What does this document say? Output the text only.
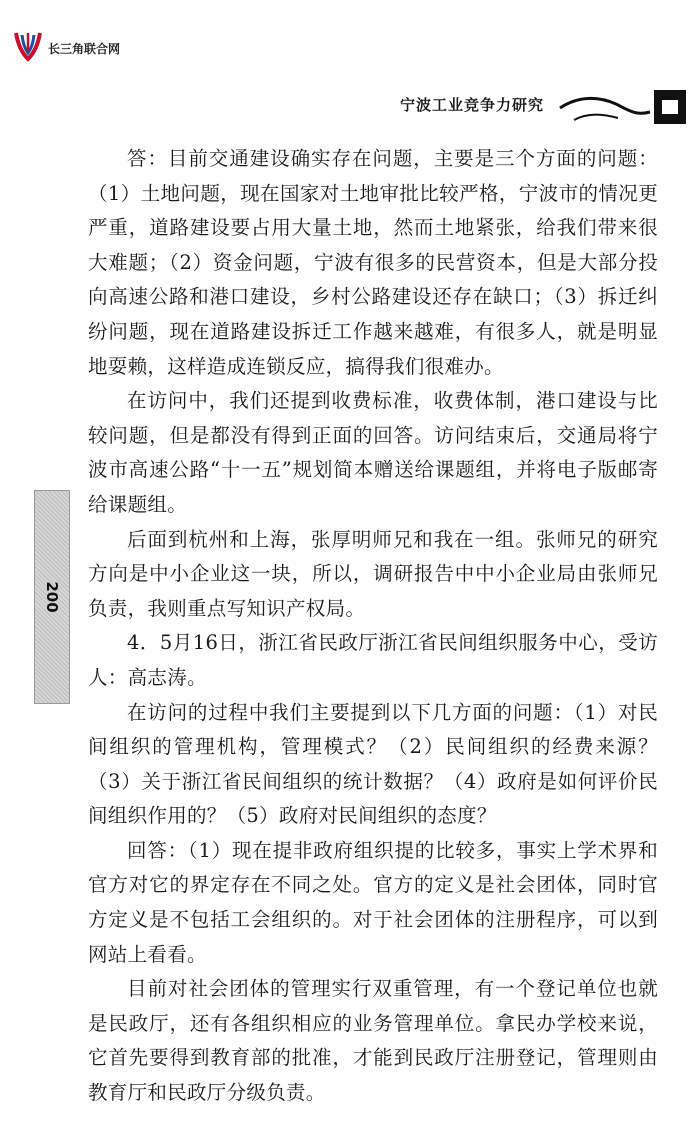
长三角联合网
宁波工业竞争力研究
200

答：目前交通建设确实存在问题，主要是三个方面的问题：（1）土地问题，现在国家对土地审批比较严格，宁波市的情况更严重，道路建设要占用大量土地，然而土地紧张，给我们带来很大难题；（2）资金问题，宁波有很多的民营资本，但是大部分投向高速公路和港口建设，乡村公路建设还存在缺口；（3）拆迁纠纷问题，现在道路建设拆迁工作越来越难，有很多人，就是明显地耍赖，这样造成连锁反应，搞得我们很难办。

在访问中，我们还提到收费标准，收费体制，港口建设与比较问题，但是都没有得到正面的回答。访问结束后，交通局将宁波市高速公路“十一五”规划简本赠送给课题组，并将电子版邮寄给课题组。

后面到杭州和上海，张厚明师兄和我在一组。张师兄的研究方向是中小企业这一块，所以，调研报告中中小企业局由张师兄负责，我则重点写知识产权局。

4．5月16日，浙江省民政厅浙江省民间组织服务中心，受访人：高志涛。

在访问的过程中我们主要提到以下几方面的问题：（1）对民间组织的管理机构，管理模式？（2）民间组织的经费来源？（3）关于浙江省民间组织的统计数据？（4）政府是如何评价民间组织作用的？（5）政府对民间组织的态度？

回答：（1）现在提非政府组织提的比较多，事实上学术界和官方对它的界定存在不同之处。官方的定义是社会团体，同时官方定义是不包括工会组织的。对于社会团体的注册程序，可以到网站上看看。

目前对社会团体的管理实行双重管理，有一个登记单位也就是民政厅，还有各组织相应的业务管理单位。拿民办学校来说，它首先要得到教育部的批准，才能到民政厅注册登记，管理则由教育厅和民政厅分级负责。
